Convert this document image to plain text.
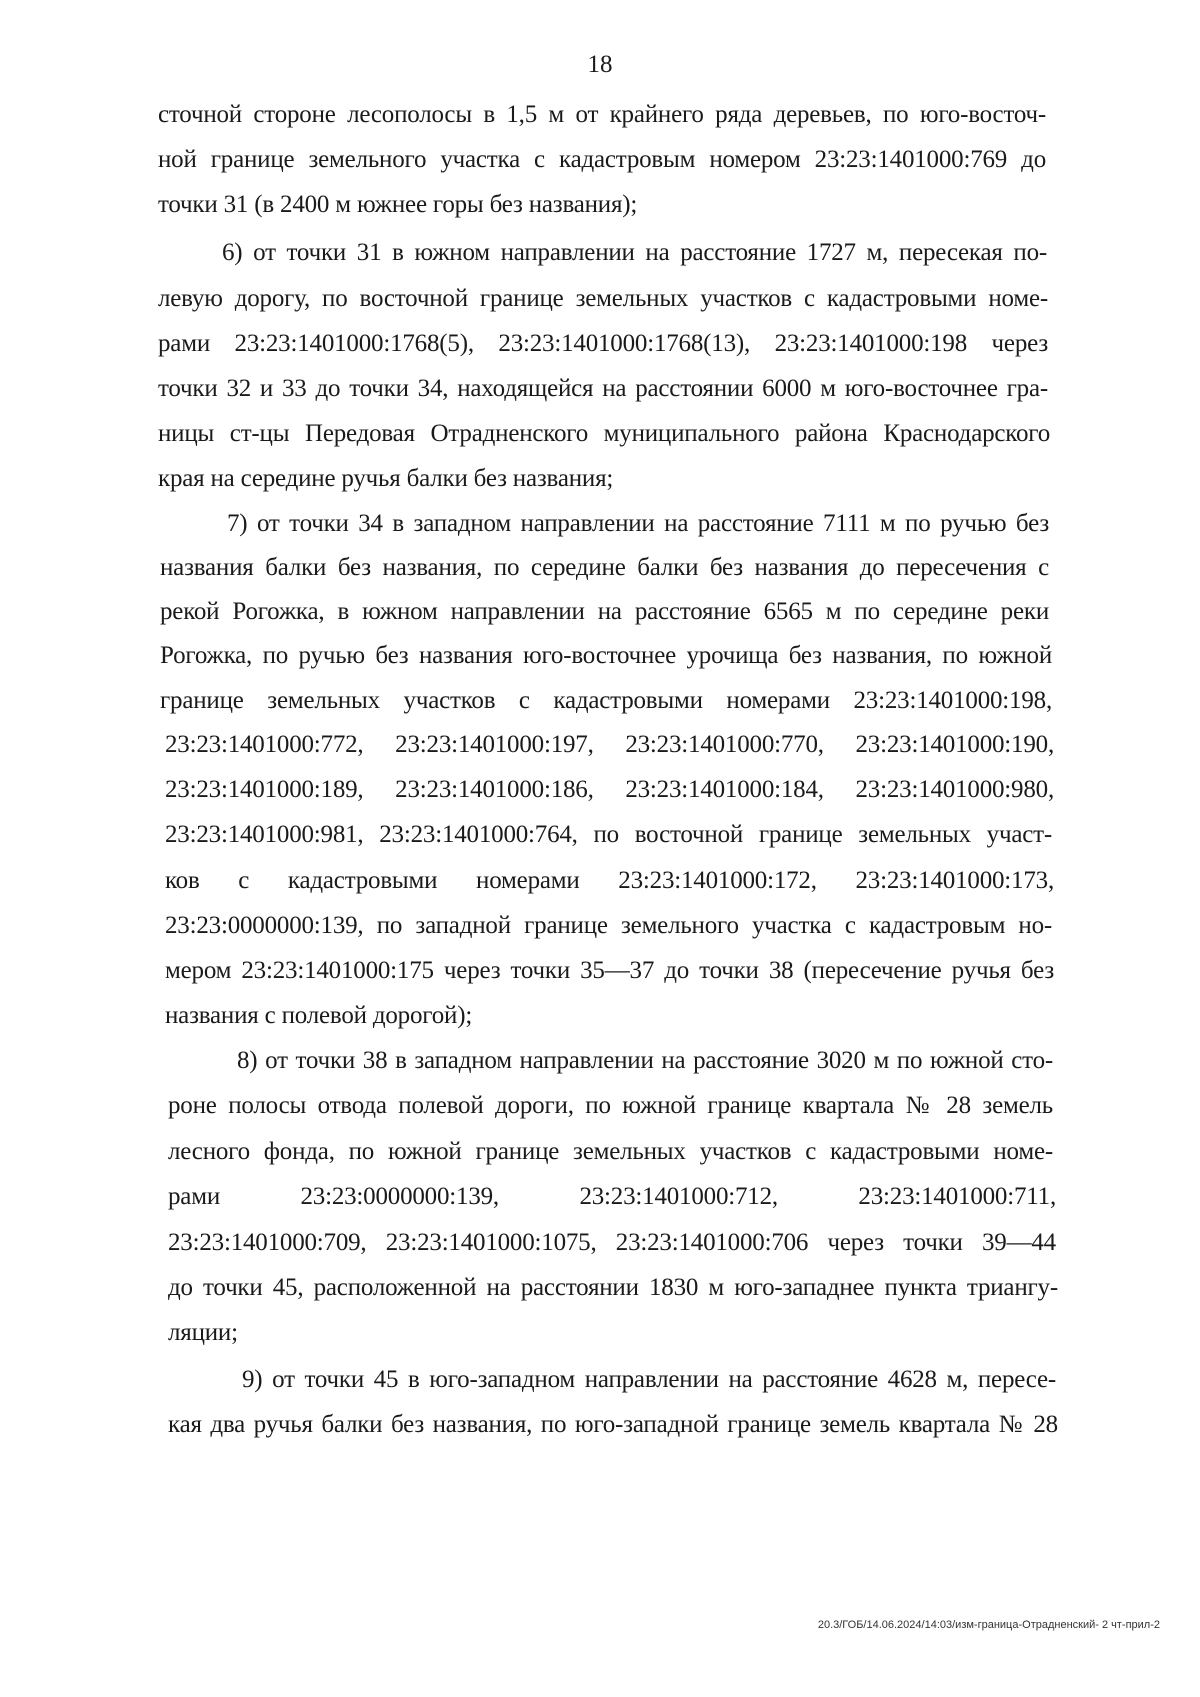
18
сточной стороне лесополосы в 1,5 м от крайнего ряда деревьев, по юго-восточ-
ной границе земельного участка с кадастровым номером 23:23:1401000:769 до
точки 31 (в 2400 м южнее горы без названия);
6) от точки 31 в южном направлении на расстояние 1727 м, пересекая по-
левую дорогу, по восточной границе земельных участков с кадастровыми номе-
рами 23:23:1401000:1768(5), 23:23:1401000:1768(13), 23:23:1401000:198 через
точки 32 и 33 до точки 34, находящейся на расстоянии 6000 м юго-восточнее гра-
ницы ст-цы Передовая Отрадненского муниципального района Краснодарского
края на середине ручья балки без названия;
7) от точки 34 в западном направлении на расстояние 7111 м по ручью без
названия балки без названия, по середине балки без названия до пересечения с
рекой Рогожка, в южном направлении на расстояние 6565 м по середине реки
Рогожка, по ручью без названия юго-восточнее урочища без названия, по южной
границе земельных участков с кадастровыми номерами 23:23:1401000:198,
23:23:1401000:772, 23:23:1401000:197, 23:23:1401000:770, 23:23:1401000:190,
23:23:1401000:189, 23:23:1401000:186, 23:23:1401000:184, 23:23:1401000:980,
23:23:1401000:981, 23:23:1401000:764, по восточной границе земельных участ-
ков с кадастровыми номерами 23:23:1401000:172, 23:23:1401000:173,
23:23:0000000:139, по западной границе земельного участка с кадастровым но-
мером 23:23:1401000:175 через точки 35—37 до точки 38 (пересечение ручья без
названия с полевой дорогой);
8) от точки 38 в западном направлении на расстояние 3020 м по южной сто-
роне полосы отвода полевой дороги, по южной границе квартала № 28 земель
лесного фонда, по южной границе земельных участков с кадастровыми номе-
рами 23:23:0000000:139, 23:23:1401000:712, 23:23:1401000:711,
23:23:1401000:709, 23:23:1401000:1075, 23:23:1401000:706 через точки 39—44
до точки 45, расположенной на расстоянии 1830 м юго-западнее пункта триангу-
ляции;
9) от точки 45 в юго-западном направлении на расстояние 4628 м, пересе-
кая два ручья балки без названия, по юго-западной границе земель квартала № 28
20.3/ГОБ/14.06.2024/14:03/изм-граница-Отрадненский- 2 чт-прил-2
